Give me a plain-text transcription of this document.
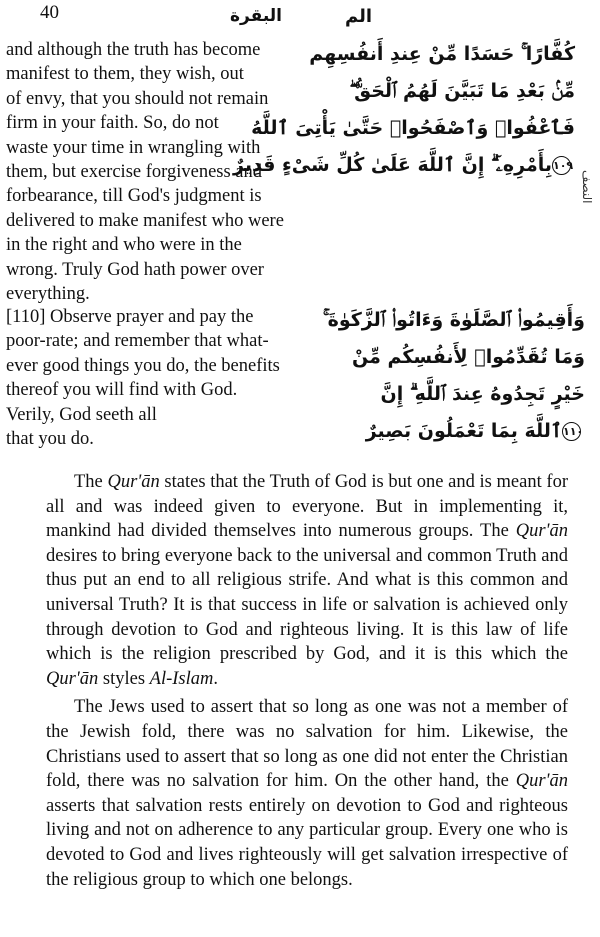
40	البقرة	الم
and although the truth has become
manifest to them, they wish, out
of envy, that you should not remain
firm in your faith. So, do not
waste your time in wrangling with
them, but exercise forgiveness and
forbearance, till God's judgment is
delivered to make manifest who were
in the right and who were in the
wrong. Truly God hath power over
everything.
كُفَّارًا ۚ حَسَدًا مِّنْ عِندِ أَنفُسِهِم
مِّنۢ بَعْدِ مَا تَبَيَّنَ لَهُمُ ٱلْحَقُّ ۖ
فَٱعْفُوا۟ وَٱصْفَحُوا۟ حَتَّىٰ يَأْتِىَ ٱللَّهُ
١٠٩بِأَمْرِهِۦٓ ۗ إِنَّ ٱللَّهَ عَلَىٰ كُلِّ شَىْءٍ قَدِيرٌ
النصف
[110] Observe prayer and pay the
poor-rate; and remember that what-
ever good things you do, the benefits
thereof you will find with God.
Verily, God seeth all
that you do.
وَأَقِيمُوا۟ ٱلصَّلَوٰةَ وَءَاتُوا۟ ٱلزَّكَوٰةَ ۚ
وَمَا تُقَدِّمُوا۟ لِأَنفُسِكُم مِّنْ
خَيْرٍ تَجِدُوهُ عِندَ ٱللَّهِ ۗ إِنَّ
١١٠ٱللَّهَ بِمَا تَعْمَلُونَ بَصِيرٌ

The Qur'ān states that the Truth of God is but one and is meant for all and was indeed given to everyone. But in implementing it, mankind had divided themselves into numerous groups. The Qur'ān desires to bring everyone back to the universal and common Truth and thus put an end to all religious strife. And what is this common and universal Truth? It is that success in life or salvation is achieved only through devotion to God and righteous living. It is this law of life which is the religion prescribed by God, and it is this which the Qur'ān styles Al-Islam.

The Jews used to assert that so long as one was not a member of the Jewish fold, there was no salvation for him. Likewise, the Christians used to assert that so long as one did not enter the Christian fold, there was no salvation for him. On the other hand, the Qur'ān asserts that salvation rests entirely on devotion to God and righteous living and not on adherence to any particular group. Every one who is devoted to God and lives righteously will get salvation irrespective of the religious group to which one belongs.
